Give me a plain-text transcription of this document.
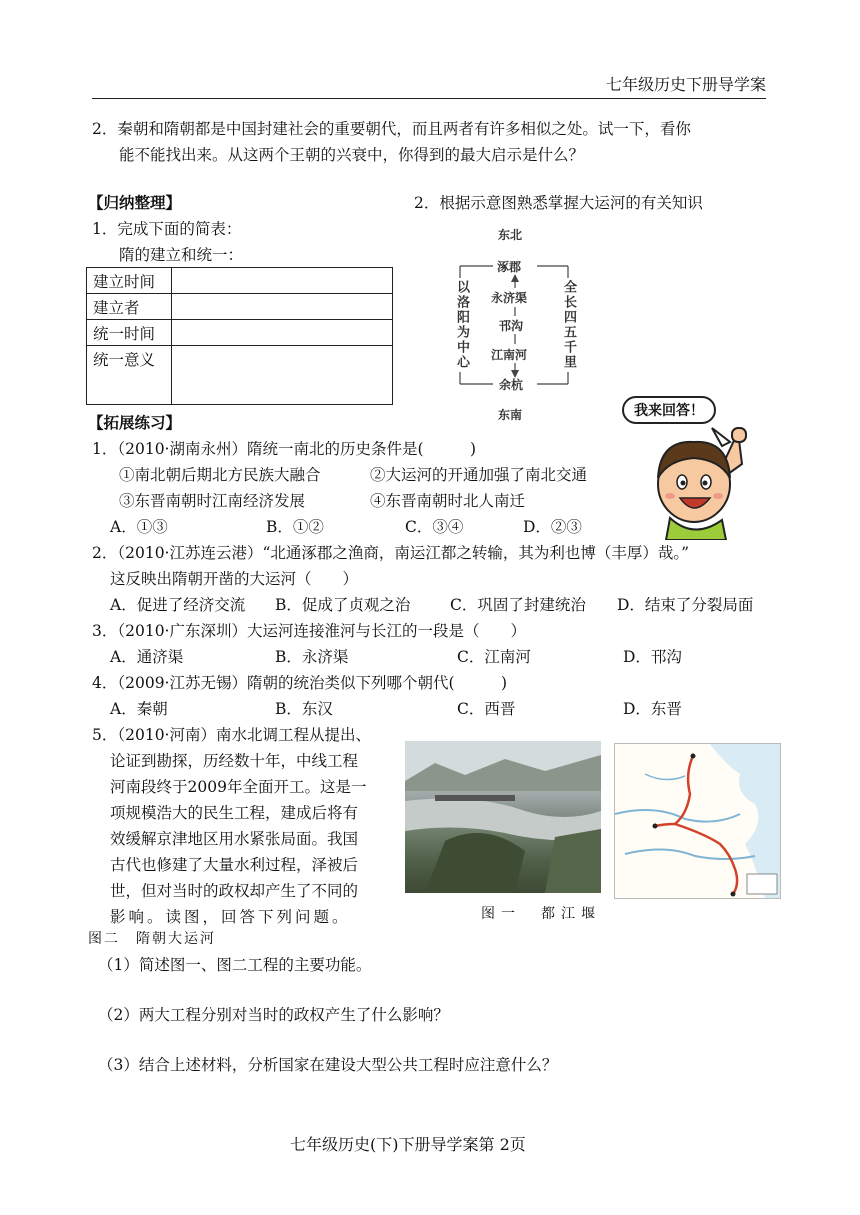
七年级历史下册导学案
2．秦朝和隋朝都是中国封建社会的重要朝代，而且两者有许多相似之处。试一下，看你
能不能找出来。从这两个王朝的兴衰中，你得到的最大启示是什么？
【归纳整理】
1．完成下面的简表：
隋的建立和统一：
2．根据示意图熟悉掌握大运河的有关知识
建立时间	
建立者	
统一时间	
统一意义	
东北
涿郡
永济渠
邗沟
江南河
余杭
东南
以洛阳为中心	全长四五千里
我来回答！
【拓展练习】
1．（2010·湖南永州）隋统一南北的历史条件是(　　　)
①南北朝后期北方民族大融合	②大运河的开通加强了南北交通
③东晋南朝时江南经济发展	④东晋南朝时北人南迁
A．①③	B．①②	C．③④	D．②③
2．（2010·江苏连云港）“北通涿郡之渔商，南运江都之转输，其为利也博（丰厚）哉。”
这反映出隋朝开凿的大运河（　　）
A．促进了经济交流 B．促成了贞观之治	C．巩固了封建统治 D．结束了分裂局面
3．（2010·广东深圳）大运河连接淮河与长江的一段是（　　）
A．通济渠	B．永济渠	C．江南河	D．邗沟
4．（2009·江苏无锡）隋朝的统治类似下列哪个朝代(　　　)
A．秦朝	B．东汉	C．西晋	D．东晋
5．（2010·河南）南水北调工程从提出、
论证到勘探，历经数十年，中线工程
河南段终于2009年全面开工。这是一
项规模浩大的民生工程，建成后将有
效缓解京津地区用水紧张局面。我国
古代也修建了大量水利过程，泽被后
世，但对当时的政权却产生了不同的
影响。读图，回答下列问题。	图一　都江堰
图二　隋朝大运河
（1）简述图一、图二工程的主要功能。
（2）两大工程分别对当时的政权产生了什么影响？
（3）结合上述材料，分析国家在建设大型公共工程时应注意什么？
七年级历史(下)下册导学案第 2页
